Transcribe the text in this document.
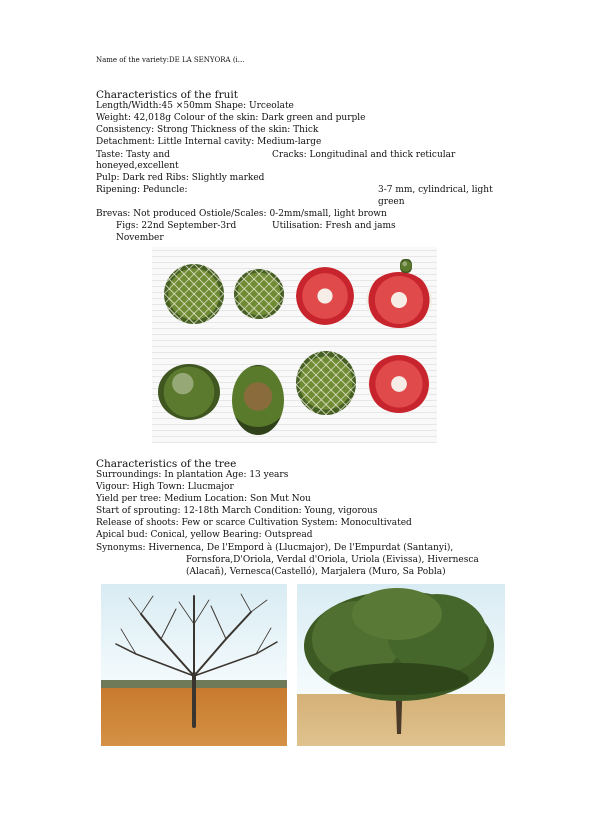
Name of the variety:DE LA SENYORA (i...
Characteristics of the fruit
Length/Width:45 ×50mm Shape: Urceolate
Weight: 42,018g Colour of the skin: Dark green and purple
Consistency: Strong Thickness of the skin: Thick
Detachment: Little Internal cavity: Medium-large
Taste: Tasty and	Cracks: Longitudinal and thick reticular
honeyed,excellent
Pulp: Dark red Ribs: Slightly marked
Ripening: Peduncle:	3-7 mm, cylindrical, light
green
Brevas: Not produced Ostiole/Scales: 0-2mm/small, light brown
Figs: 22nd September-3rd	Utilisation: Fresh and jams
November
Characteristics of the tree
Surroundings: In plantation Age: 13 years
Vigour: High Town: Llucmajor
Yield per tree: Medium Location: Son Mut Nou
Start of sprouting: 12-18th March Condition: Young, vigorous
Release of shoots: Few or scarce Cultivation System: Monocultivated
Apical bud: Conical, yellow Bearing: Outspread
Synonyms: Hivernenca, De l'Empord à (Llucmajor), De l'Empurdat (Santanyi),
Fornsfora,D'Oriola, Verdal d'Oriola, Uriola (Eivissa), Hivernesca
(Alacañ), Vernesca(Castelló), Marjalera (Muro, Sa Pobla)
